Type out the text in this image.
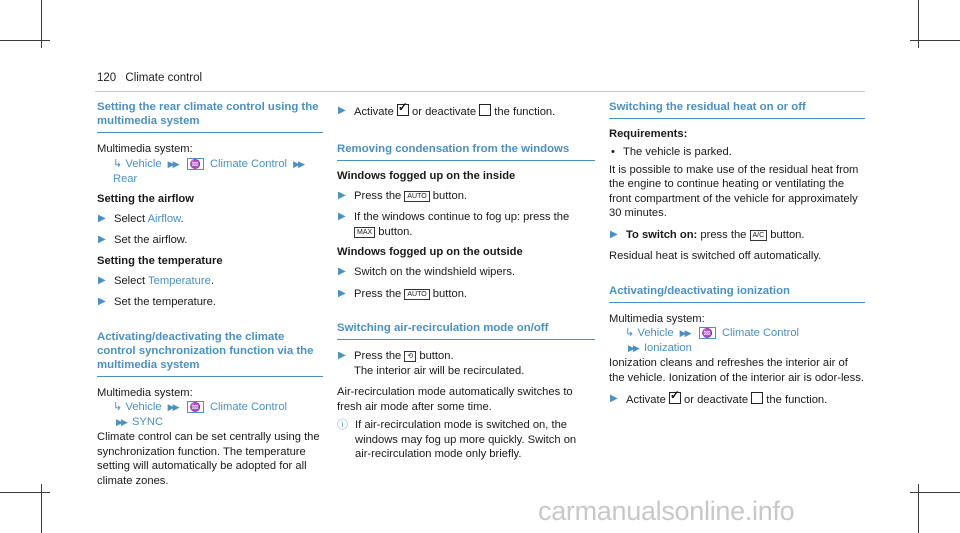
120 Climate control
Setting the rear climate control using the multimedia system

Multimedia system:

↳ Vehicle ▶▶ ♒ Climate Control ▶▶ Rear
Setting the airflow
▶ Select Airflow.
▶ Set the airflow.
Setting the temperature
▶ Select Temperature.
▶ Set the temperature.
Activating/deactivating the climate control synchronization function via the multimedia system

Multimedia system:

↳ Vehicle ▶▶ ♒ Climate Control
▶▶ SYNC

Climate control can be set centrally using the synchronization function. The temperature setting will automatically be adopted for all climate zones.

▶ Activate ✓ or deactivate  the function.
Removing condensation from the windows
Windows fogged up on the inside
▶ Press the AUTO button.
▶ If the windows continue to fog up: press the
MAX button.
Windows fogged up on the outside
▶ Switch on the windshield wipers.
▶ Press the AUTO button.
Switching air-recirculation mode on/off
▶ Press the ⟲ button.
The interior air will be recirculated.

Air-recirculation mode automatically switches to fresh air mode after some time.

ⓘ If air-recirculation mode is switched on, the windows may fog up more quickly. Switch on air-recirculation mode only briefly.
Switching the residual heat on or off
Requirements:
• The vehicle is parked.

It is possible to make use of the residual heat from the engine to continue heating or ventilating the front compartment of the vehicle for approximately 30 minutes.

▶ To switch on: press the A/C button.

Residual heat is switched off automatically.

Activating/deactivating ionization

Multimedia system:

↳ Vehicle ▶▶ ♒ Climate Control
▶▶ Ionization

Ionization cleans and refreshes the interior air of the vehicle. Ionization of the interior air is odor-less.

▶ Activate ✓ or deactivate  the function.
carmanualsonline.info
